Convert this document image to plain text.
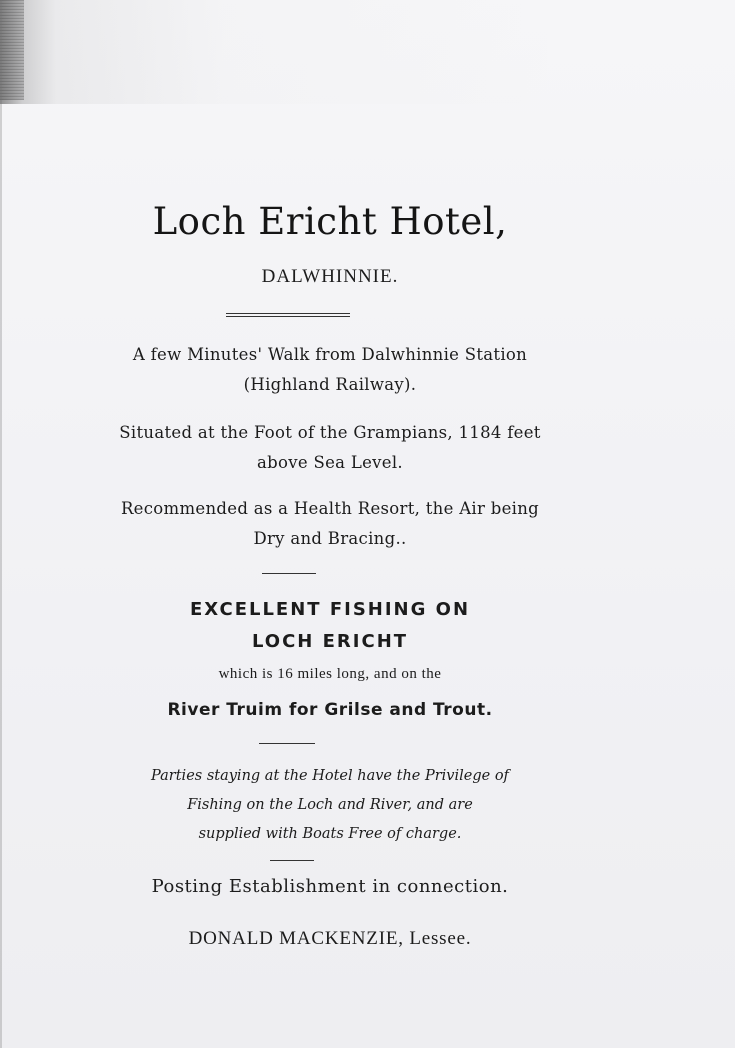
Loch Ericht Hotel,
DALWHINNIE.
A few Minutes' Walk from Dalwhinnie Station
(Highland Railway).
Situated at the Foot of the Grampians, 1184 feet
above Sea Level.
Recommended as a Health Resort, the Air being
Dry and Bracing..
EXCELLENT FISHING ON
LOCH ERICHT
which is 16 miles long, and on the
River Truim for Grilse and Trout.
Parties staying at the Hotel have the Privilege of
Fishing on the Loch and River, and are
supplied with Boats Free of charge.
Posting Establishment in connection.
DONALD MACKENZIE, Lessee.
